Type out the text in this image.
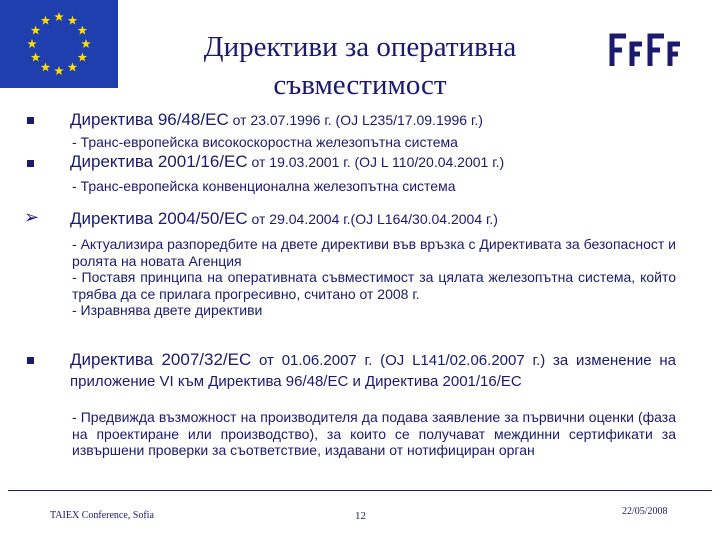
Директиви за оперативна
съвместимост
Директива 96/48/ЕС от 23.07.1996 г. (OJ L235/17.09.1996 г.)
- Транс-европейска високоскоростна железопътна система
Директива 2001/16/ЕС от 19.03.2001 г. (OJ L 110/20.04.2001 г.)
- Транс-европейска конвенционална железопътна система
➢ Директива 2004/50/ЕС от 29.04.2004 г.(OJ L164/30.04.2004 г.)
- Актуализира разпоредбите на двете директиви във връзка с Директивата за безопасност и ролята на новата Агенция
- Поставя принципа на оперативната съвместимост за цялата железопътна система, който трябва да се прилага прогресивно, считано от 2008 г.
- Изравнява двете директиви
Директива 2007/32/ЕС от 01.06.2007 г. (OJ L141/02.06.2007 г.) за изменение на приложение VI към Директива 96/48/ЕС и Директива 2001/16/ЕС
- Предвижда възможност на производителя да подава заявление за първични оценки (фаза на проектиране или производство), за които се получават междинни сертификати за извършени проверки за съответствие, издавани от нотифициран орган
TAIEX Conference, Sofia	12	22/05/2008
